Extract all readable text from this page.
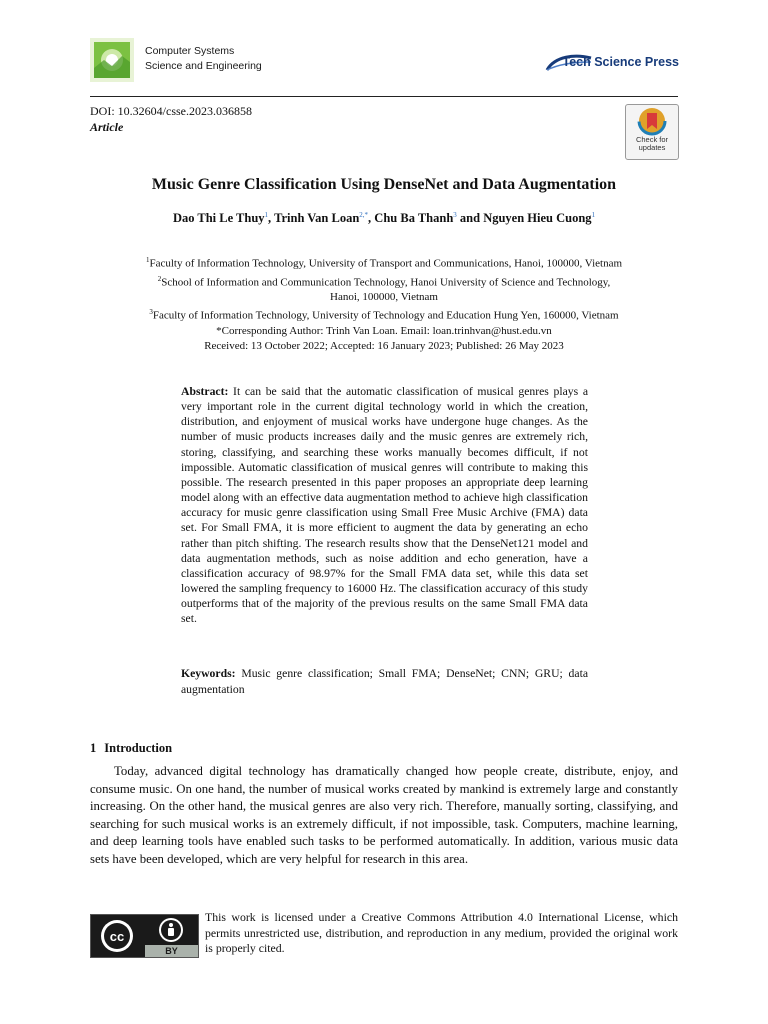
Computer Systems
Science and Engineering	Tech Science Press
DOI: 10.32604/csse.2023.036858
Article
Check for
updates
Music Genre Classification Using DenseNet and Data Augmentation
Dao Thi Le Thuy$^1$, Trinh Van Loan$^{2,*}$, Chu Ba Thanh$^3$ and Nguyen Hieu Cuong$^1$
$^1$Faculty of Information Technology, University of Transport and Communications, Hanoi, 100000, Vietnam
$^2$School of Information and Communication Technology, Hanoi University of Science and Technology,
Hanoi, 100000, Vietnam
$^3$Faculty of Information Technology, University of Technology and Education Hung Yen, 160000, Vietnam
*Corresponding Author: Trinh Van Loan. Email: loan.trinhvan@hust.edu.vn
Received: 13 October 2022; Accepted: 16 January 2023; Published: 26 May 2023
Abstract: It can be said that the automatic classification of musical genres plays a very important role in the current digital technology world in which the creation, distribution, and enjoyment of musical works have undergone huge changes. As the number of music products increases daily and the music genres are extremely rich, storing, classifying, and searching these works manually becomes difficult, if not impossible. Automatic classification of musical genres will contribute to making this possible. The research presented in this paper proposes an appropriate deep learning model along with an effective data augmentation method to achieve high classification accuracy for music genre classification using Small Free Music Archive (FMA) data set. For Small FMA, it is more efficient to augment the data by generating an echo rather than pitch shifting. The research results show that the DenseNet121 model and data augmentation methods, such as noise addition and echo generation, have a classification accuracy of 98.97% for the Small FMA data set, while this data set lowered the sampling frequency to 16000 Hz. The classification accuracy of this study outperforms that of the majority of the previous results on the same Small FMA data set.
Keywords: Music genre classification; Small FMA; DenseNet; CNN; GRU; data augmentation
1 Introduction
Today, advanced digital technology has dramatically changed how people create, distribute, enjoy, and consume music. On one hand, the number of musical works created by mankind is extremely large and constantly increasing. On the other hand, the musical genres are also very rich. Therefore, manually sorting, classifying, and searching for such musical works is an extremely difficult, if not impossible, task. Computers, machine learning, and deep learning tools have enabled such tasks to be performed automatically. In addition, various music data sets have been developed, which are very helpful for research in this area.
cc
BY
This work is licensed under a Creative Commons Attribution 4.0 International License, which permits unrestricted use, distribution, and reproduction in any medium, provided the original work is properly cited.
